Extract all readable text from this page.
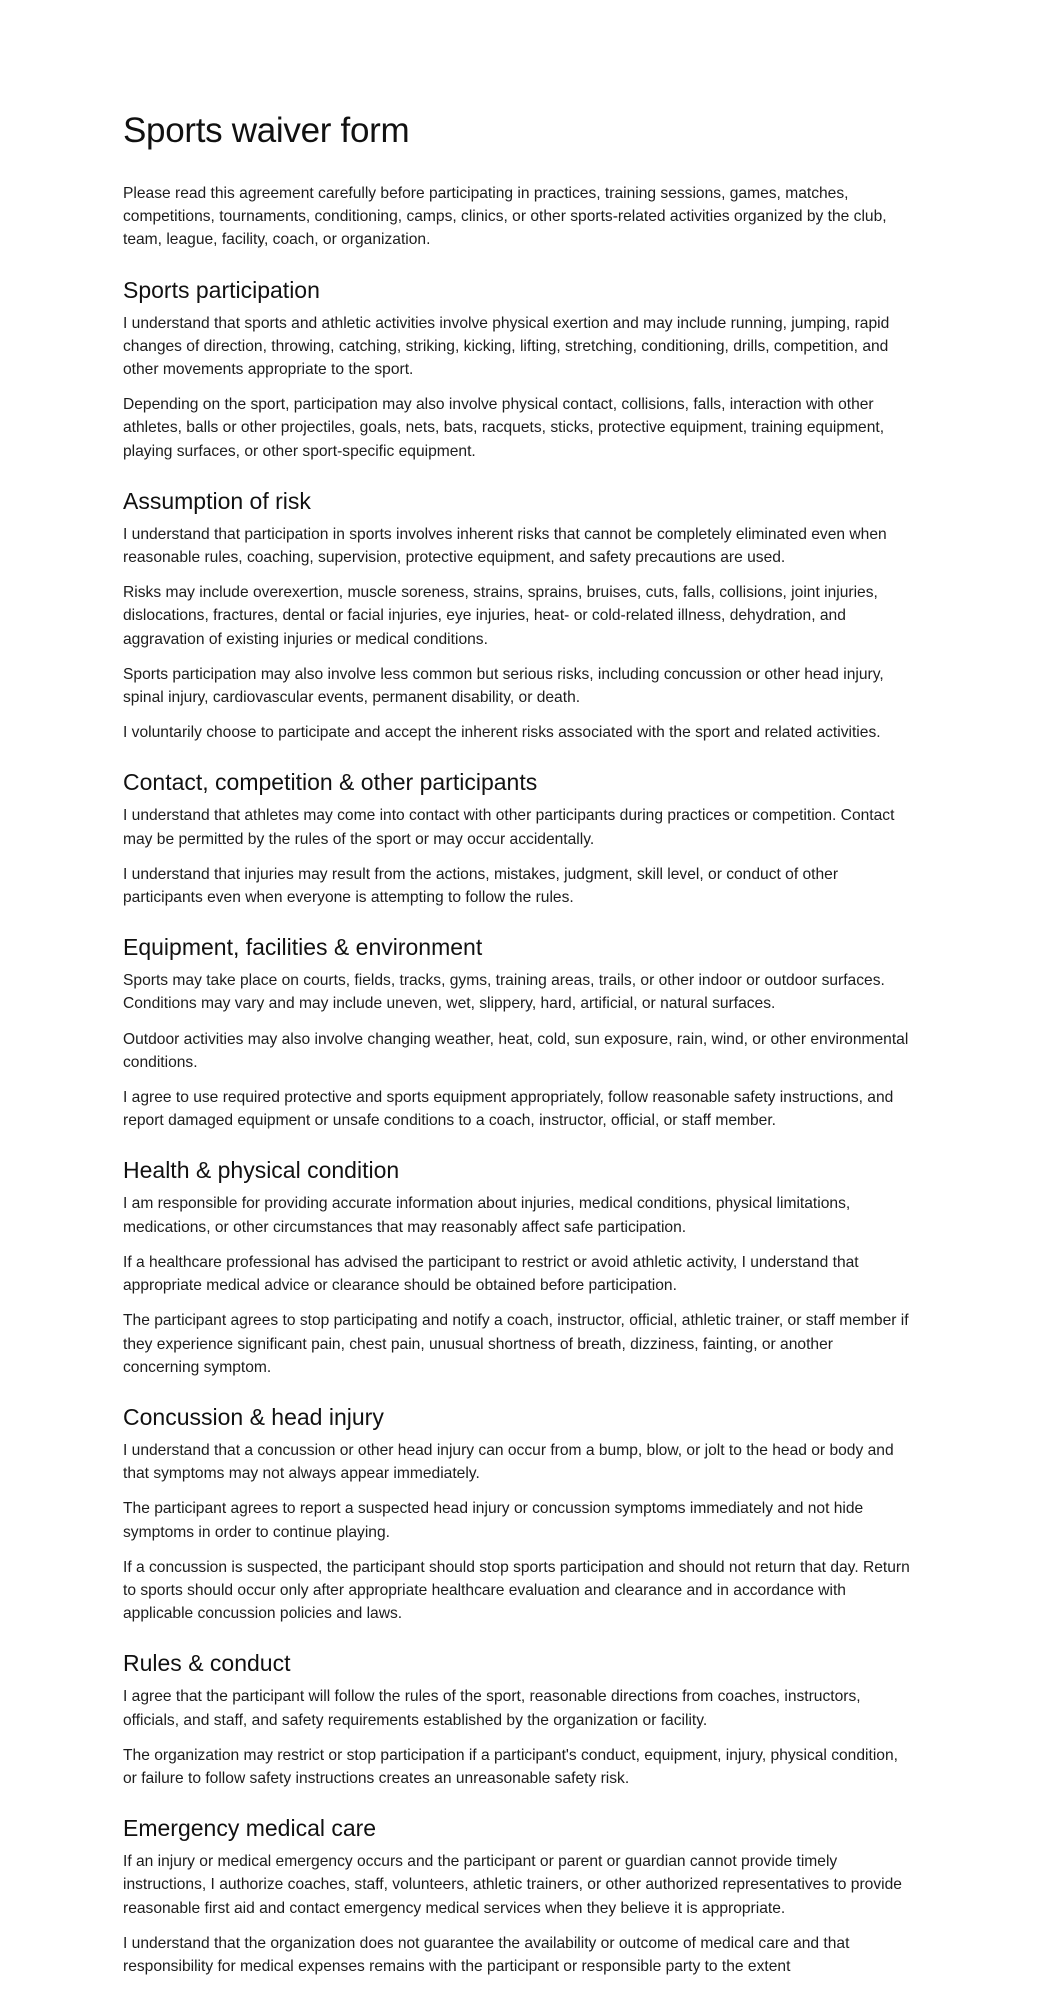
Sports waiver form

Please read this agreement carefully before participating in practices, training sessions, games, matches, competitions, tournaments, conditioning, camps, clinics, or other sports-related activities organized by the club, team, league, facility, coach, or organization.

Sports participation

I understand that sports and athletic activities involve physical exertion and may include running, jumping, rapid changes of direction, throwing, catching, striking, kicking, lifting, stretching, conditioning, drills, competition, and other movements appropriate to the sport.

Depending on the sport, participation may also involve physical contact, collisions, falls, interaction with other athletes, balls or other projectiles, goals, nets, bats, racquets, sticks, protective equipment, training equipment, playing surfaces, or other sport-specific equipment.

Assumption of risk

I understand that participation in sports involves inherent risks that cannot be completely eliminated even when reasonable rules, coaching, supervision, protective equipment, and safety precautions are used.

Risks may include overexertion, muscle soreness, strains, sprains, bruises, cuts, falls, collisions, joint injuries, dislocations, fractures, dental or facial injuries, eye injuries, heat- or cold-related illness, dehydration, and aggravation of existing injuries or medical conditions.

Sports participation may also involve less common but serious risks, including concussion or other head injury, spinal injury, cardiovascular events, permanent disability, or death.

I voluntarily choose to participate and accept the inherent risks associated with the sport and related activities.

Contact, competition & other participants

I understand that athletes may come into contact with other participants during practices or competition. Contact may be permitted by the rules of the sport or may occur accidentally.

I understand that injuries may result from the actions, mistakes, judgment, skill level, or conduct of other participants even when everyone is attempting to follow the rules.

Equipment, facilities & environment

Sports may take place on courts, fields, tracks, gyms, training areas, trails, or other indoor or outdoor surfaces. Conditions may vary and may include uneven, wet, slippery, hard, artificial, or natural surfaces.

Outdoor activities may also involve changing weather, heat, cold, sun exposure, rain, wind, or other environmental conditions.

I agree to use required protective and sports equipment appropriately, follow reasonable safety instructions, and report damaged equipment or unsafe conditions to a coach, instructor, official, or staff member.

Health & physical condition

I am responsible for providing accurate information about injuries, medical conditions, physical limitations, medications, or other circumstances that may reasonably affect safe participation.

If a healthcare professional has advised the participant to restrict or avoid athletic activity, I understand that appropriate medical advice or clearance should be obtained before participation.

The participant agrees to stop participating and notify a coach, instructor, official, athletic trainer, or staff member if they experience significant pain, chest pain, unusual shortness of breath, dizziness, fainting, or another concerning symptom.

Concussion & head injury

I understand that a concussion or other head injury can occur from a bump, blow, or jolt to the head or body and that symptoms may not always appear immediately.

The participant agrees to report a suspected head injury or concussion symptoms immediately and not hide symptoms in order to continue playing.

If a concussion is suspected, the participant should stop sports participation and should not return that day. Return to sports should occur only after appropriate healthcare evaluation and clearance and in accordance with applicable concussion policies and laws.

Rules & conduct

I agree that the participant will follow the rules of the sport, reasonable directions from coaches, instructors, officials, and staff, and safety requirements established by the organization or facility.

The organization may restrict or stop participation if a participant's conduct, equipment, injury, physical condition, or failure to follow safety instructions creates an unreasonable safety risk.

Emergency medical care

If an injury or medical emergency occurs and the participant or parent or guardian cannot provide timely instructions, I authorize coaches, staff, volunteers, athletic trainers, or other authorized representatives to provide reasonable first aid and contact emergency medical services when they believe it is appropriate.

I understand that the organization does not guarantee the availability or outcome of medical care and that responsibility for medical expenses remains with the participant or responsible party to the extent
